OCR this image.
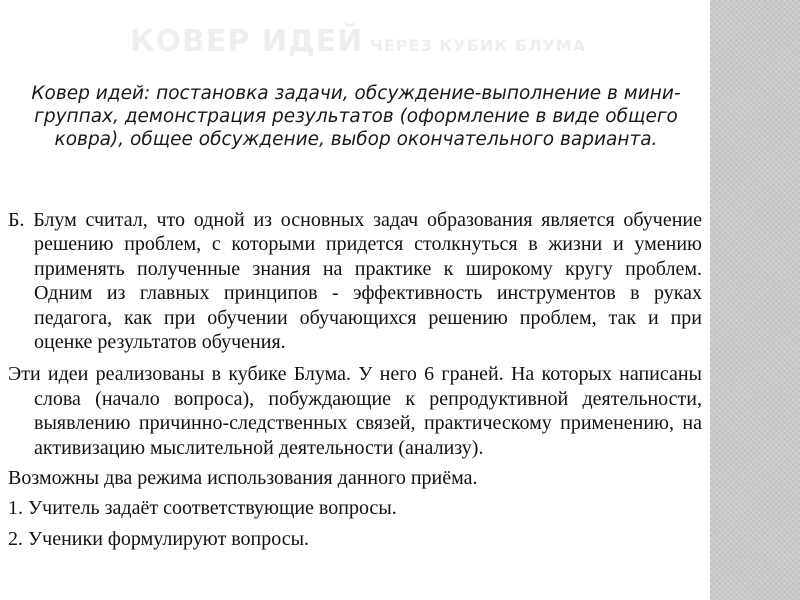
КОВЕР ИДЕЙ ЧЕРЕЗ КУБИК БЛУМА
Ковер идей: постановка задачи, обсуждение-выполнение в мини-группах, демонстрация результатов (оформление в виде общего ковра), общее обсуждение, выбор окончательного варианта.

Б. Блум считал, что одной из основных задач образования является обучение решению проблем, с которыми придется столкнуться в жизни и умению применять полученные знания на практике к широкому кругу проблем. Одним из главных принципов - эффективность инструментов в руках педагога, как при обучении обучающихся решению проблем, так и при оценке результатов обучения.

Эти идеи реализованы в кубике Блума. У него 6 граней. На которых написаны слова (начало вопроса), побуждающие к репродуктивной деятельности, выявлению причинно-следственных связей, практическому применению, на активизацию мыслительной деятельности (анализу).

Возможны два режима использования данного приёма.

1. Учитель задаёт соответствующие вопросы.

2. Ученики формулируют вопросы.
